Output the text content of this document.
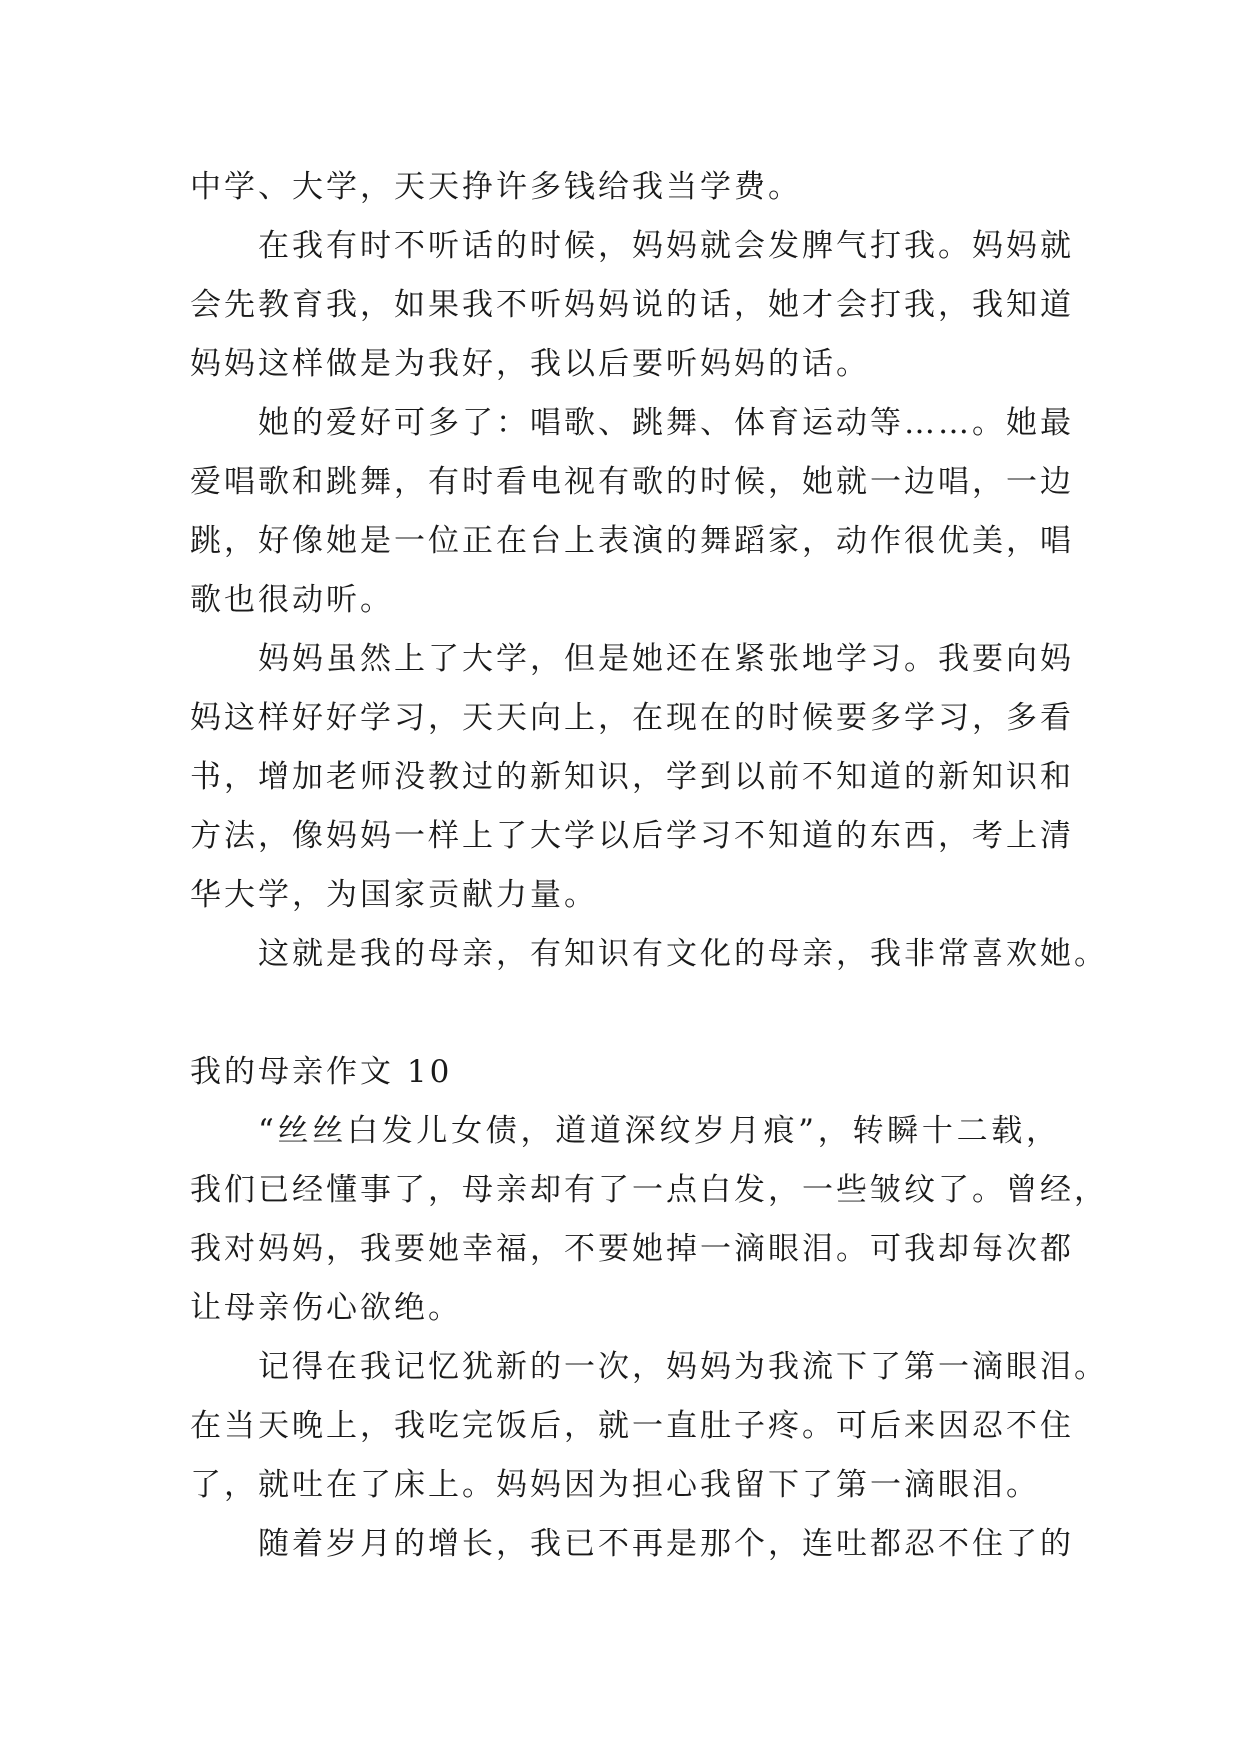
中学、大学，天天挣许多钱给我当学费。
在我有时不听话的时候，妈妈就会发脾气打我。妈妈就
会先教育我，如果我不听妈妈说的话，她才会打我，我知道
妈妈这样做是为我好，我以后要听妈妈的话。
她的爱好可多了：唱歌、跳舞、体育运动等……。她最
爱唱歌和跳舞，有时看电视有歌的时候，她就一边唱，一边
跳，好像她是一位正在台上表演的舞蹈家，动作很优美，唱
歌也很动听。
妈妈虽然上了大学，但是她还在紧张地学习。我要向妈
妈这样好好学习，天天向上，在现在的时候要多学习，多看
书，增加老师没教过的新知识，学到以前不知道的新知识和
方法，像妈妈一样上了大学以后学习不知道的东西，考上清
华大学，为国家贡献力量。
这就是我的母亲，有知识有文化的母亲，我非常喜欢她。
我的母亲作文 10
“丝丝白发儿女债，道道深纹岁月痕”，转瞬十二载，
我们已经懂事了，母亲却有了一点白发，一些皱纹了。曾经，
我对妈妈，我要她幸福，不要她掉一滴眼泪。可我却每次都
让母亲伤心欲绝。
记得在我记忆犹新的一次，妈妈为我流下了第一滴眼泪。
在当天晚上，我吃完饭后，就一直肚子疼。可后来因忍不住
了，就吐在了床上。妈妈因为担心我留下了第一滴眼泪。
随着岁月的增长，我已不再是那个，连吐都忍不住了的
